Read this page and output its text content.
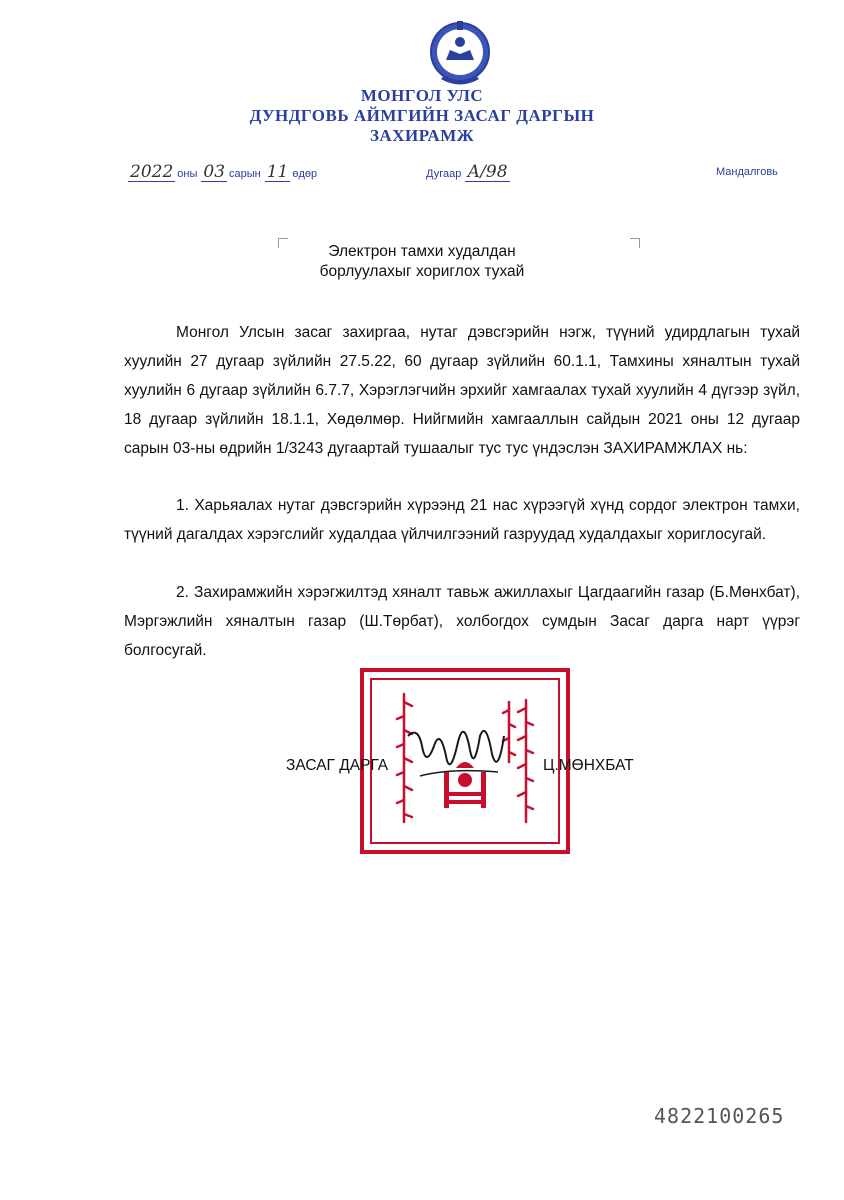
МОНГОЛ УЛС
ДУНДГОВЬ АЙМГИЙН ЗАСАГ ДАРГЫН
ЗАХИРАМЖ
2022 оны 03 сарын 11 өдөр	Дугаар А/98	Мандалговь
Электрон тамхи худалдан
борлуулахыг хориглох тухай

Монгол Улсын засаг захиргаа, нутаг дэвсгэрийн нэгж, түүний удирдлагын тухай хуулийн 27 дугаар зүйлийн 27.5.22, 60 дугаар зүйлийн 60.1.1, Тамхины хяналтын тухай хуулийн 6 дугаар зүйлийн 6.7.7, Хэрэглэгчийн эрхийг хамгаалах тухай хуулийн 4 дүгээр зүйл, 18 дугаар зүйлийн 18.1.1, Хөдөлмөр. Нийгмийн хамгааллын сайдын 2021 оны 12 дугаар сарын 03-ны өдрийн 1/3243 дугаартай тушаалыг тус тус үндэслэн ЗАХИРАМЖЛАХ нь:

1. Харьяалах нутаг дэвсгэрийн хүрээнд 21 нас хүрээгүй хүнд сордог электрон тамхи, түүний дагалдах хэрэгслийг худалдаа үйлчилгээний газруудад худалдахыг хориглосугай.

2. Захирамжийн хэрэгжилтэд хяналт тавьж ажиллахыг Цагдаагийн газар (Б.Мөнхбат), Мэргэжлийн хяналтын газар (Ш.Төрбат), холбогдох сумдын Засаг дарга нарт үүрэг болгосугай.

ЗАСАГ ДАРГА	Ц.МӨНХБАТ
4822100265
